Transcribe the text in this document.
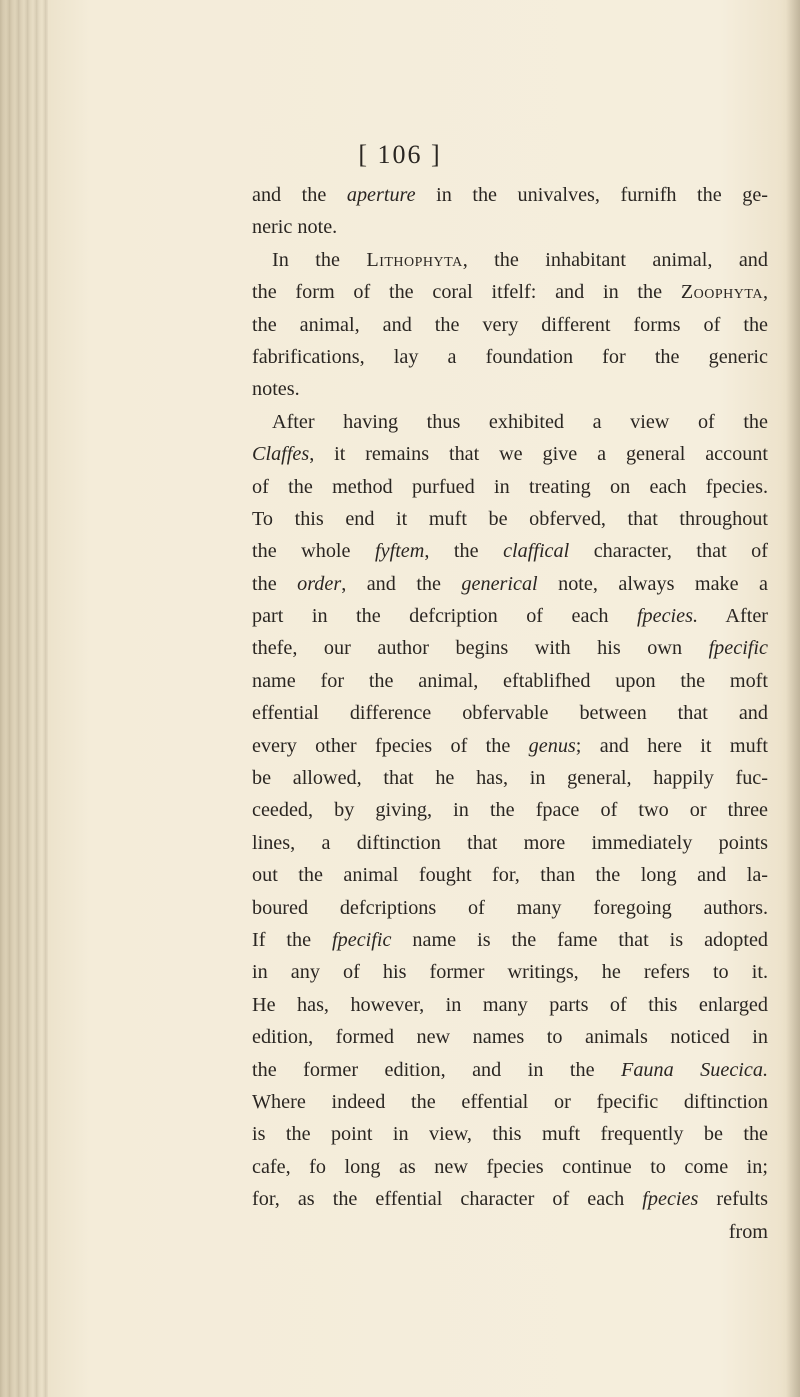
[ 106 ]
and the aperture in the univalves, furnifh the ge-
neric note.
In the Lithophyta, the inhabitant animal, and
the form of the coral itfelf: and in the Zoophyta,
the animal, and the very different forms of the
fabrifications, lay a foundation for the generic
notes.
After having thus exhibited a view of the
Claffes, it remains that we give a general account
of the method purfued in treating on each fpecies.
To this end it muft be obferved, that throughout
the whole fyftem, the claffical character, that of
the order, and the generical note, always make a
part in the defcription of each fpecies. After
thefe, our author begins with his own fpecific
name for the animal, eftablifhed upon the moft
effential difference obfervable between that and
every other fpecies of the genus; and here it muft
be allowed, that he has, in general, happily fuc-
ceeded, by giving, in the fpace of two or three
lines, a diftinction that more immediately points
out the animal fought for, than the long and la-
boured defcriptions of many foregoing authors.
If the fpecific name is the fame that is adopted
in any of his former writings, he refers to it.
He has, however, in many parts of this enlarged
edition, formed new names to animals noticed in
the former edition, and in the Fauna Suecica.
Where indeed the effential or fpecific diftinction
is the point in view, this muft frequently be the
cafe, fo long as new fpecies continue to come in;
for, as the effential character of each fpecies refults
from
